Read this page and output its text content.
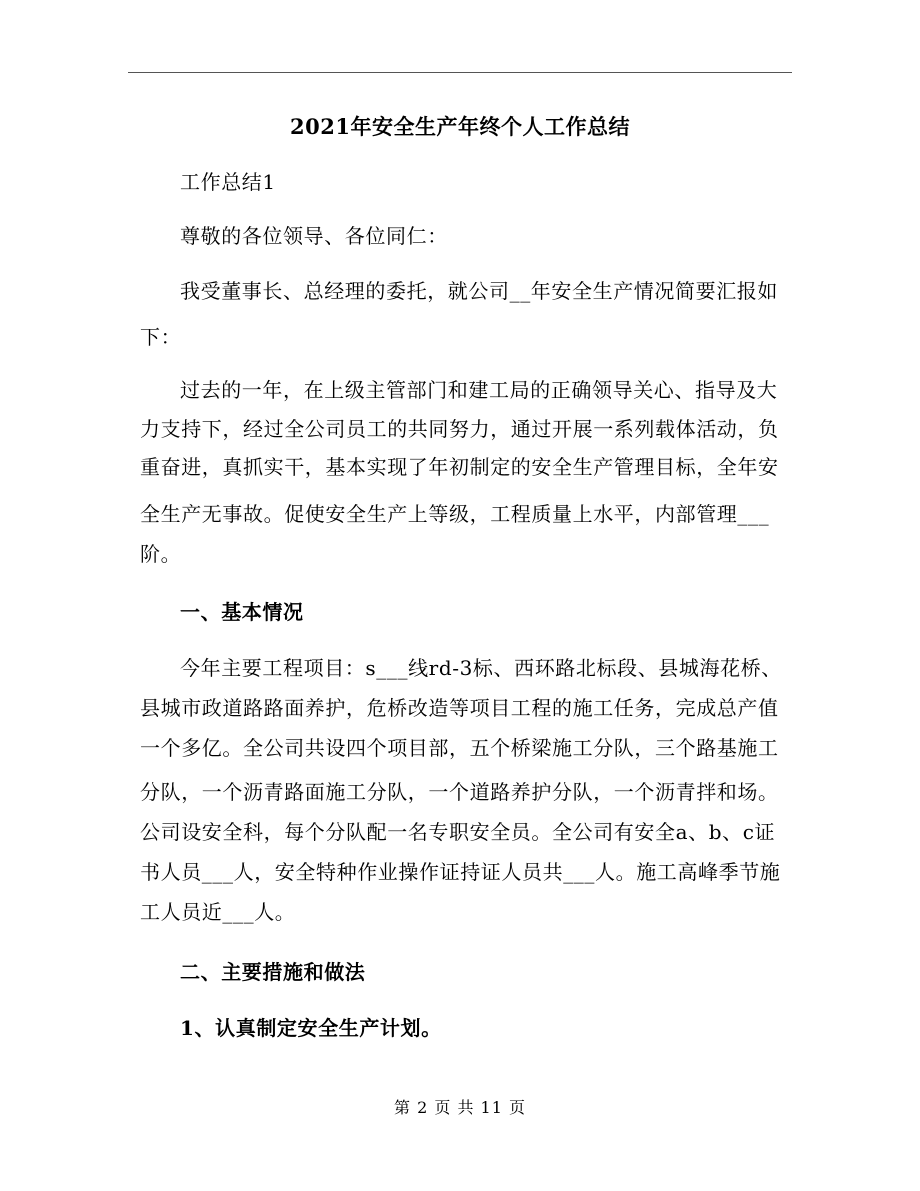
2021年安全生产年终个人工作总结
工作总结1
尊敬的各位领导、各位同仁：
我受董事长、总经理的委托，就公司__年安全生产情况简要汇报如
下：
过去的一年，在上级主管部门和建工局的正确领导关心、指导及大
力支持下，经过全公司员工的共同努力，通过开展一系列载体活动，负
重奋进，真抓实干，基本实现了年初制定的安全生产管理目标，全年安
全生产无事故。促使安全生产上等级，工程质量上水平，内部管理___
阶。
一、基本情况
今年主要工程项目：s___线rd-3标、西环路北标段、县城海花桥、
县城市政道路路面养护，危桥改造等项目工程的施工任务，完成总产值
一个多亿。全公司共设四个项目部，五个桥梁施工分队，三个路基施工
分队，一个沥青路面施工分队，一个道路养护分队，一个沥青拌和场。
公司设安全科，每个分队配一名专职安全员。全公司有安全a、b、c证
书人员___人，安全特种作业操作证持证人员共___人。施工高峰季节施
工人员近___人。
二、主要措施和做法
1、认真制定安全生产计划。
第 2 页 共 11 页
